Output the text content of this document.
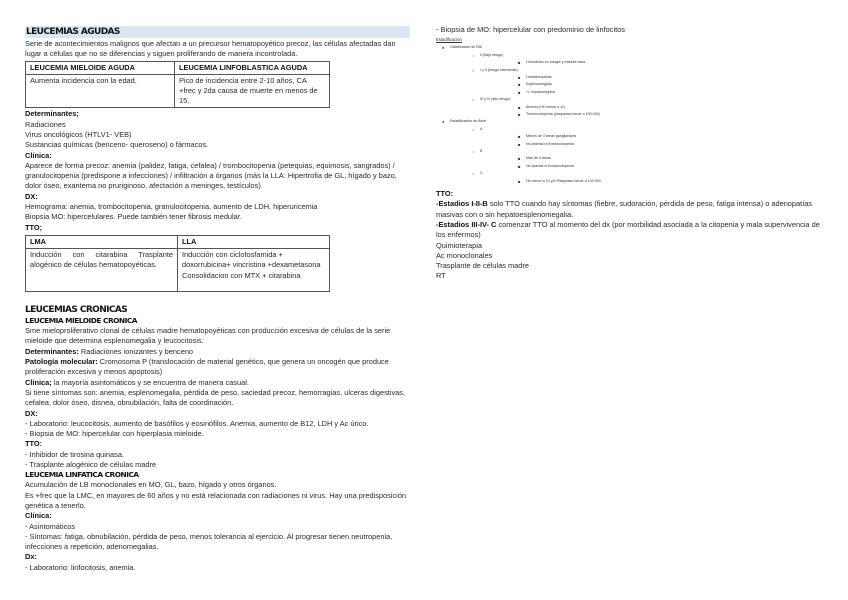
LEUCEMIAS AGUDAS

Serie de acontecimientos malignos que afectan a un precursor hematopoyético precoz, las células afectadas dan lugar a células que no se diferencias y siguen proliferando de manera incontrolada.

LEUCEMIA MIELOIDE AGUDA	LEUCEMIA LINFOBLASTICA AGUDA
Aumenta incidencia con la edad.	Pico de incidencia entre 2-10 años, CA +frec y 2da causa de muerte en menos de 15.

Determinantes;

Radiaciones

Virus oncológicos (HTLV1- VEB)

Sustancias químicas (benceno- queroseno) o fármacos.

Clínica:

Aparece de forma precoz: anemia (palidez, fatiga, cefalea) / trombocitopenia (petequias, equimosis, sangrados) / granulocitopenia (predispone a infecciones) / infiltración a órganos (más la LLA: Hipertrofia de GL, hígado y bazo, dolor óseo, exantema no pruriginoso, afectación a meninges, testículos)

DX:

Hemograma: anemia, trombocitopenia, granulocitopenia, aumento de LDH, hiperuricemia

Biopsia MO: hipercelulares. Puede también tener fibrosis medular.

TTO;

LMA	LLA
Inducción con citarabina Trasplante alogénico de células hematopoyéticas.	Inducción con ciclofosfamida + doxorrubicina+ vincristina +dexametasona Consolidacion con MTX + citarabina
LEUCEMIAS CRONICAS
LEUCEMIA MIELOIDE CRONICA

Sme mieloproliferativo clonal de células madre hematopoyéticas con producción excesiva de células de la serie mieloide que determina esplenomegalia y leucocitosis.

Determinantes: Radiaciones ionizantes y benceno

Patología molecular: Cromosoma P (translocación de material genético, que genera un oncogén que produce proliferación excesiva y menos apoptosis)

Clínica; la mayoría asintomáticos y se encuentra de manera casual.

Si tiene síntomas son: anemia, esplenomegalia, pérdida de peso, saciedad precoz, hemorragias, ulceras digestivas, cefalea, dolor óseo, disnea, obnubilación, falta de coordinación.

DX:

- Laboratorio: leucocitosis, aumento de basófilos y eosinófilos. Anemia, aumento de B12, LDH y Ac úrico.

- Biopsia de MO: hipercelular con hiperplasia mieloide.

TTO:

- Inhibidor de tirosina quinasa.

- Trasplante alogénico de células madre

LEUCEMIA LINFATICA CRONICA

Acumulación de LB monoclonales en MO, GL, bazo, hígado y otros órganos.

Es +frec que la LMC, en mayores de 60 años y no está relacionada con radiaciones ni virus. Hay una predisposición genética a tenerlo.

Clínica:

- Asintomáticos

- Síntomas: fatiga, obnubilación, pérdida de peso, menos tolerancia al ejercicio. Al progresar tienen neutropenia, infecciones a repetición, adenomegalias.

Dx:

- Laboratorio: linfocitosis, anemia.

- Biopsia de MO: hipercelular con predominio de linfocitos

Estadificación
● Clasificación de RAI
○ 0 (bajo riesgo)
■ Linfocitosis en sangre y medula ósea
○ I y II (riesgo intermedio)
■ Linfadenopatías
■ Esplenomegalia
■ +/- hepatomegalia
○ III y IV (alto riesgo)
■ Anemia (Hb menor a 11)
■ Trombocitopenia (plaquetas menor a 100.000)
● Estadificación de Binet
○ A
■ Menos de 3 áreas ganglionares
■ No anemia ni trombocitopenia
○ B
■ Más de 3 áreas
■ No anemia ni trombocitopenia
○ C
■ Hb menor a 10 y/o Plaquetas menor a 100.000

TTO:

-Estadios I-II-B solo TTO cuando hay síntomas (fiebre, sudoración, pérdida de peso, fatiga intensa) o adenopatías masivas con o sin hepatoesplenomegalia.

-Estadios III-IV- C comenzar TTO al momento del dx (por morbilidad asociada a la citopenia y mala supervivencia de los enfermos)

Quimioterapia

Ac monoclonales

Trasplante de células madre

RT
